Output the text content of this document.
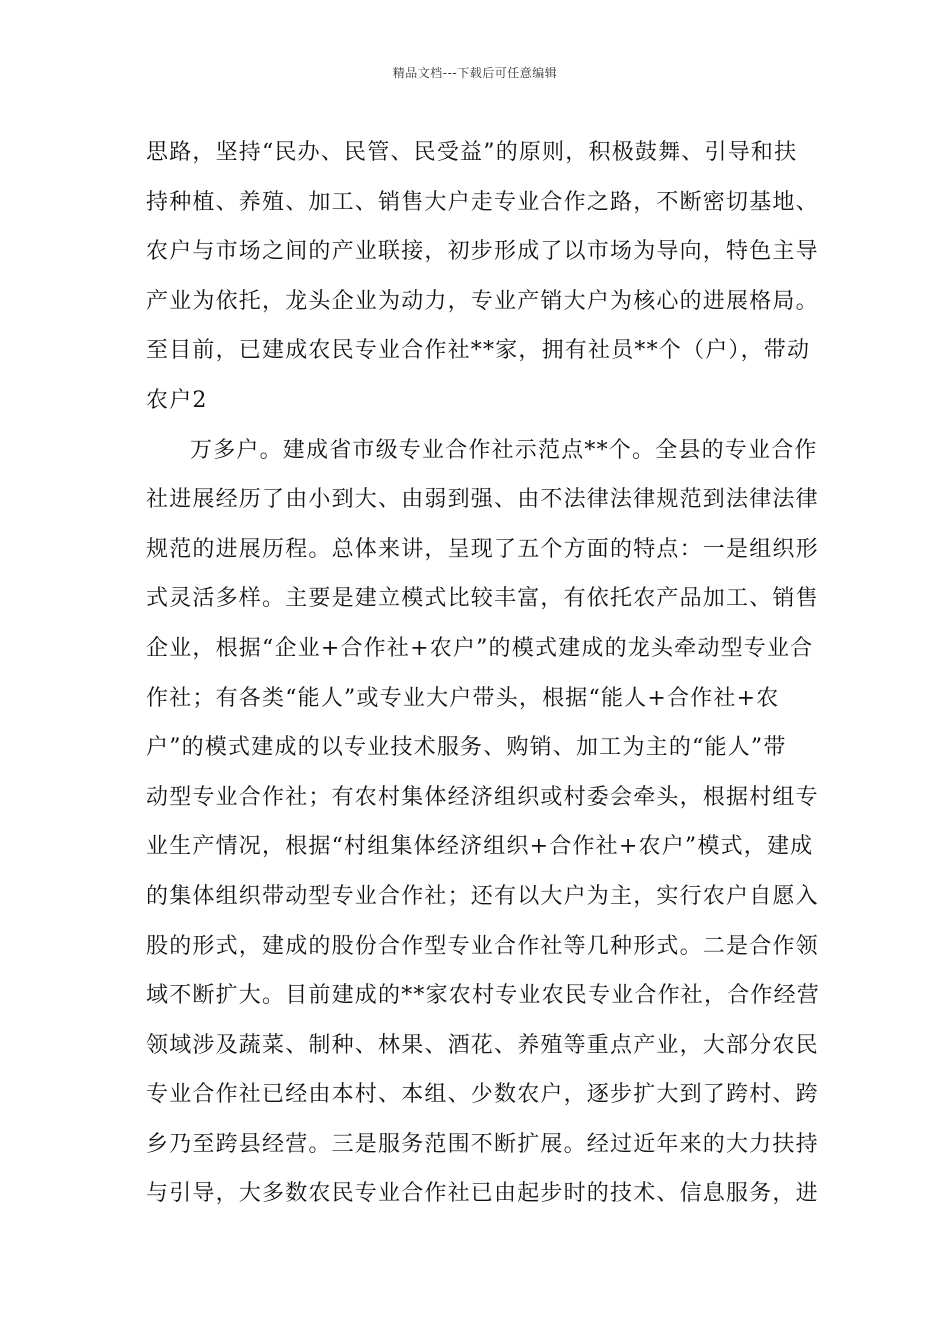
精品文档---下载后可任意编辑
思路，坚持“民办、民管、民受益”的原则，积极鼓舞、引导和扶
持种植、养殖、加工、销售大户走专业合作之路，不断密切基地、
农户与市场之间的产业联接，初步形成了以市场为导向，特色主导
产业为依托，龙头企业为动力，专业产销大户为核心的进展格局。
至目前，已建成农民专业合作社**家，拥有社员**个（户），带动
农户2
万多户。建成省市级专业合作社示范点**个。全县的专业合作
社进展经历了由小到大、由弱到强、由不法律法律规范到法律法律
规范的进展历程。总体来讲，呈现了五个方面的特点：一是组织形
式灵活多样。主要是建立模式比较丰富，有依托农产品加工、销售
企业，根据“企业+合作社+农户”的模式建成的龙头牵动型专业合
作社；有各类“能人”或专业大户带头，根据“能人+合作社+农
户”的模式建成的以专业技术服务、购销、加工为主的“能人”带
动型专业合作社；有农村集体经济组织或村委会牵头，根据村组专
业生产情况，根据“村组集体经济组织+合作社+农户”模式，建成
的集体组织带动型专业合作社；还有以大户为主，实行农户自愿入
股的形式，建成的股份合作型专业合作社等几种形式。二是合作领
域不断扩大。目前建成的**家农村专业农民专业合作社，合作经营
领域涉及蔬菜、制种、林果、酒花、养殖等重点产业，大部分农民
专业合作社已经由本村、本组、少数农户，逐步扩大到了跨村、跨
乡乃至跨县经营。三是服务范围不断扩展。经过近年来的大力扶持
与引导，大多数农民专业合作社已由起步时的技术、信息服务，进
